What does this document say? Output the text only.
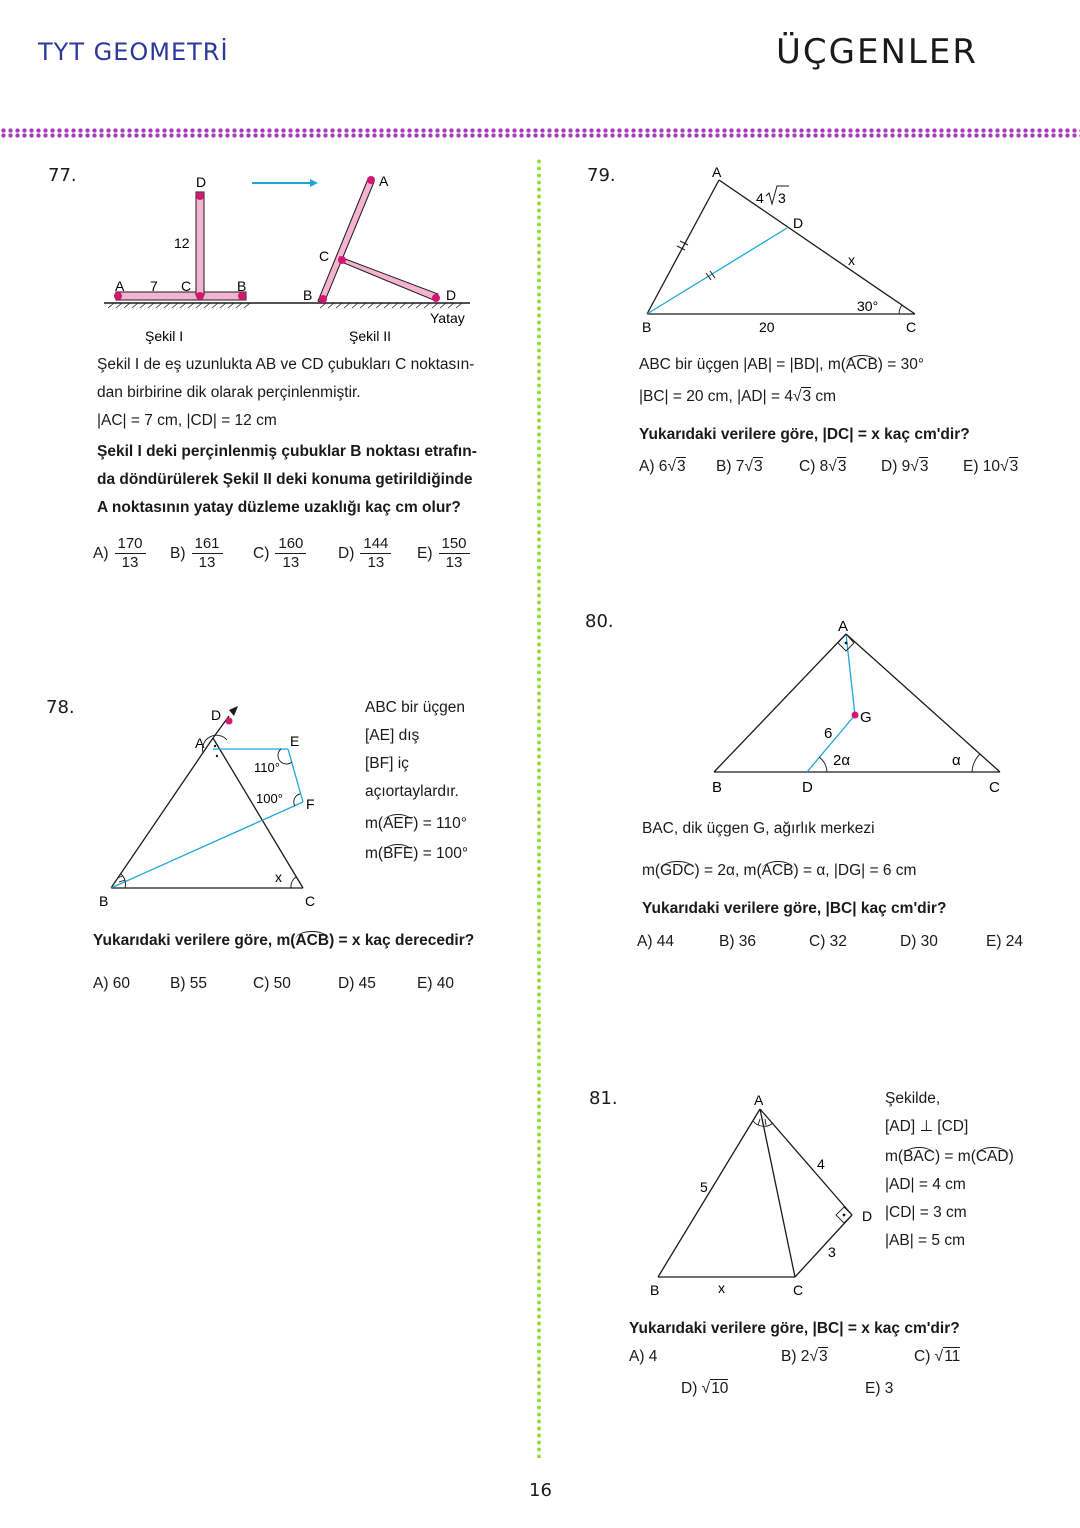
TYT GEOMETRİ	ÜÇGENLER
77.
A 7 C	B
D
12
A
C
B	D
Yatay
Şekil I	Şekil II
Şekil I de eş uzunlukta AB ve CD çubukları C noktasın-
dan birbirine dik olarak perçinlenmiştir.
|AC| = 7 cm, |CD| = 12 cm
Şekil I deki perçinlenmiş çubuklar B noktası etrafın-
da döndürülerek Şekil II deki konuma getirildiğinde
A noktasının yatay düzleme uzaklığı kaç cm olur?
$A) \frac{170}{13} B) \frac{161}{13} C) \frac{160}{13} D) \frac{144}{13} E) \frac{150}{13}$
78.	D
A	E
F
B	C
110°
100°
x
ABC bir üçgen
[AE] dış
[BF] iç
açıortaylardır.
m(AEF) = 110°
m(BFE) = 100°
Yukarıdaki verilere göre, m(ACB) = x kaç derecedir?
A) 60	B) 55	C) 50	D) 45	E) 40
79.	A
D
B	C
4 3
x
20
30°
ABC bir üçgen |AB| = |BD|, m(ACB) = 30°
|BC| = 20 cm, |AD| = 4√3 cm
Yukarıdaki verilere göre, |DC| = x kaç cm'dir?
A) 6√3 B) 7√3 C) 8√3 D) 9√3 E) 10√3
80.	A
G
B	D	C
6
2α	α
BAC, dik üçgen G, ağırlık merkezi
m(GDC) = 2α, m(ACB) = α, |DG| = 6 cm
Yukarıdaki verilere göre, |BC| kaç cm'dir?
A) 44	B) 36	C) 32	D) 30	E) 24
81.	A
B	C
D
5
4
3
x
Şekilde,
[AD] ⊥ [CD]
m(BAC) = m(CAD)
|AD| = 4 cm
|CD| = 3 cm
|AB| = 5 cm
Yukarıdaki verilere göre, |BC| = x kaç cm'dir?
A) 4	B) 2√3	C) √11
D) √10	E) 3
16
